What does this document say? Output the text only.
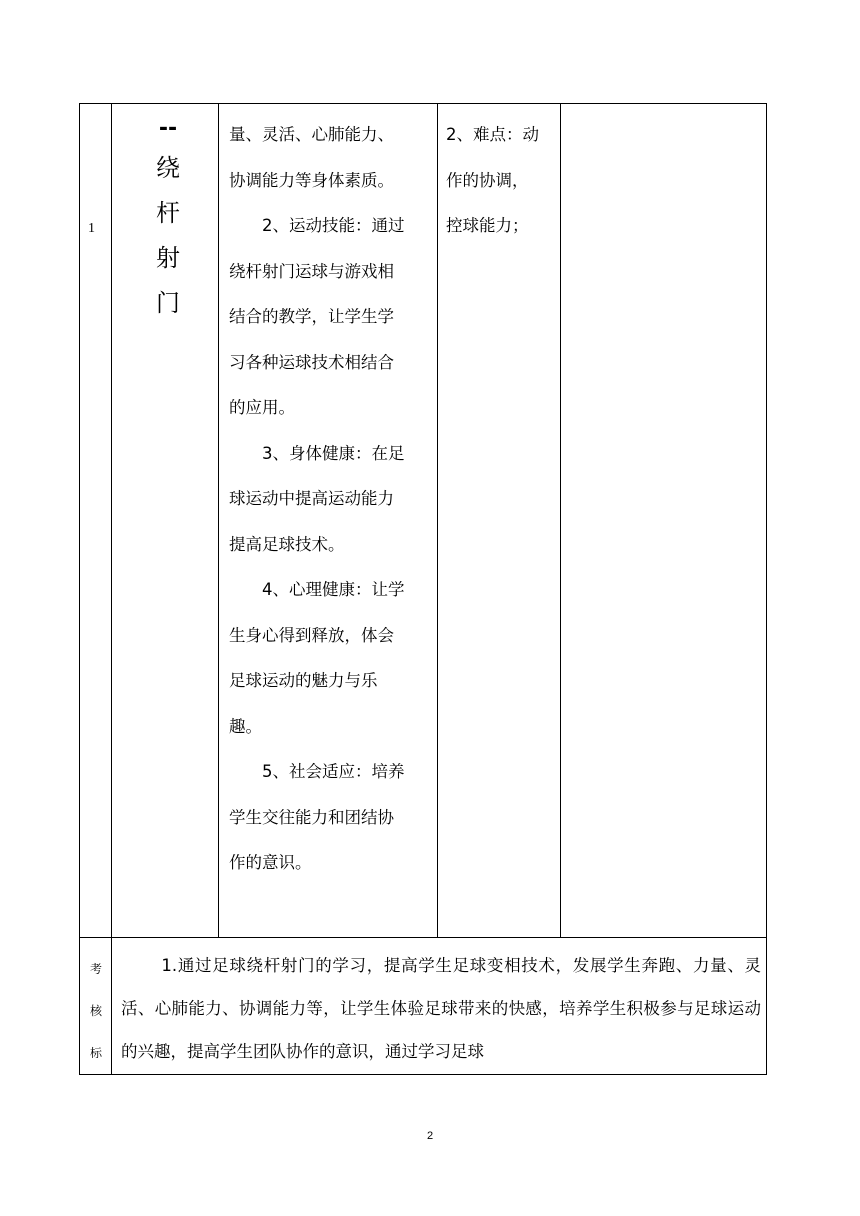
1
--
绕
杆
射
门

量、灵活、心肺能力、

协调能力等身体素质。

2、运动技能：通过

绕杆射门运球与游戏相

结合的教学，让学生学

习各种运球技术相结合

的应用。

3、身体健康：在足

球运动中提高运动能力

提高足球技术。

4、心理健康：让学

生身心得到释放，体会

足球运动的魅力与乐

趣。

5、社会适应：培养

学生交往能力和团结协

作的意识。

2、难点：动

作的协调，

控球能力；

考
核
标
1.通过足球绕杆射门的学习，提高学生足球变相技术，发展学生奔跑、力量、灵活、心肺能力、协调能力等，让学生体验足球带来的快感，培养学生积极参与足球运动的兴趣，提高学生团队协作的意识，通过学习足球
2
